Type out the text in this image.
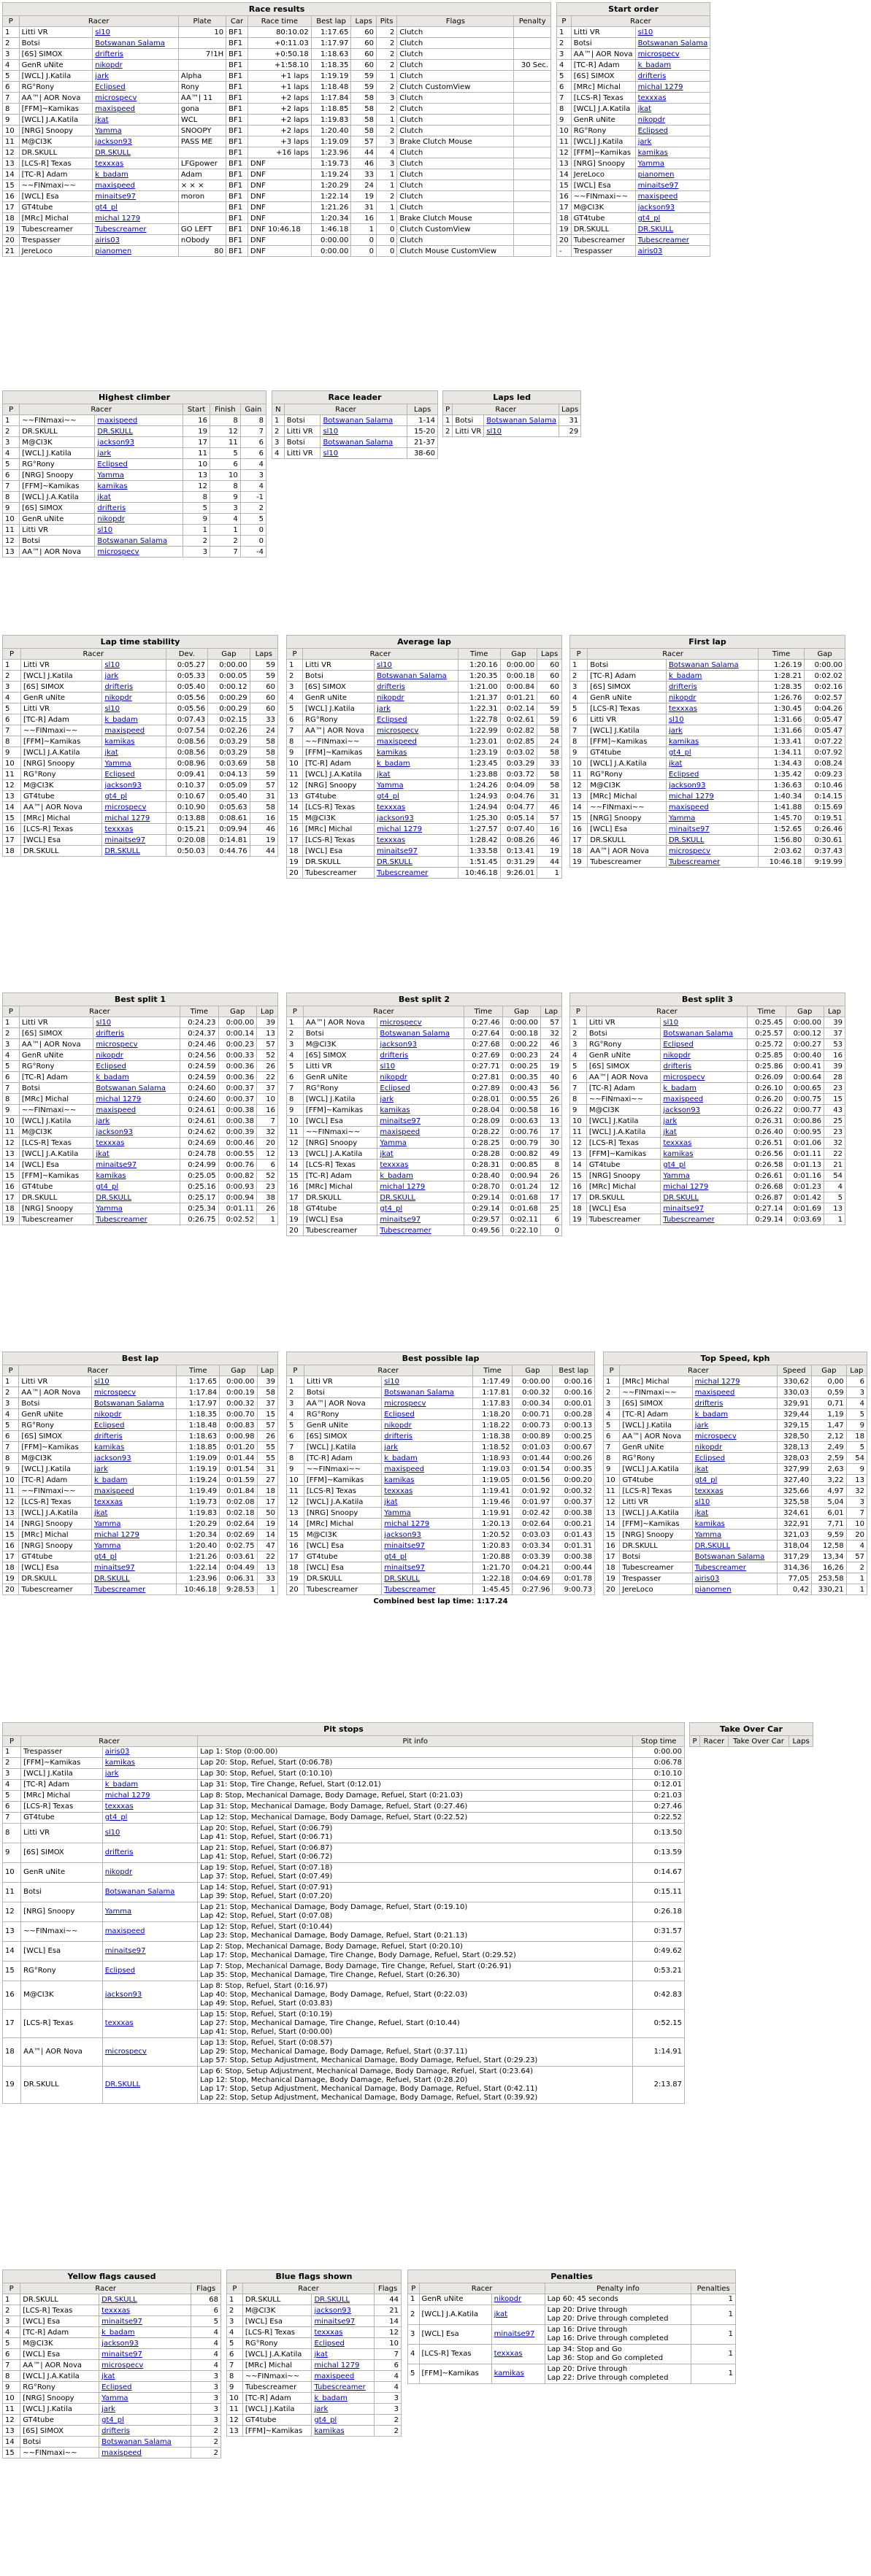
Race results										
P	Racer		Plate	Car	Race time	Best lap	Laps	Pits	Flags	Penalty
1	Litti VR	sl10	10	BF1	80:10.02	1:17.65	60	2	Clutch	
2	Botsi	Botswanan Salama		BF1	+0:11.03	1:17.97	60	2	Clutch	
3	[6S] SIMOX	drifteris	7!1H	BF1	+0:50.18	1:18.63	60	2	Clutch	
4	GenR uNite	nikopdr		BF1	+1:58.10	1:18.35	60	2	Clutch	30 Sec.
5	[WCL] J.Katila	jark	Alpha	BF1	+1 laps	1:19.19	59	1	Clutch	
6	RG°Rony	Eclipsed	Rony	BF1	+1 laps	1:18.48	59	2	Clutch CustomView	
7	AA™| AOR Nova	microspecv	AA™| 11	BF1	+2 laps	1:17.84	58	3	Clutch	
8	[FFM]~Kamikas	maxispeed	gona	BF1	+2 laps	1:18.85	58	2	Clutch	
9	[WCL] J.A.Katila	jkat	WCL	BF1	+2 laps	1:19.83	58	1	Clutch	
10	[NRG] Snoopy	Yamma	SNOOPY	BF1	+2 laps	1:20.40	58	2	Clutch	
11	M@CI3K	jackson93	PASS ME	BF1	+3 laps	1:19.09	57	3	Brake Clutch Mouse	
12	DR.SKULL	DR.SKULL		BF1	+16 laps	1:23.96	44	4	Clutch	
13	[LCS-R] Texas	texxxas	LFGpower	BF1	DNF	1:19.73	46	3	Clutch	
14	[TC-R] Adam	k_badam	Adam	BF1	DNF	1:19.24	33	1	Clutch	
15	~~FINmaxi~~	maxispeed	× × ×	BF1	DNF	1:20.29	24	1	Clutch	
16	[WCL] Esa	minaitse97	moron	BF1	DNF	1:22.14	19	2	Clutch	
17	GT4tube	gt4_pl		BF1	DNF	1:21.26	31	1	Clutch	
18	[MRc] Michal	michal 1279		BF1	DNF	1:20.34	16	1	Brake Clutch Mouse	
19	Tubescreamer	Tubescreamer	GO LEFT	BF1	DNF 10:46.18	1:46.18	1	0	Clutch CustomView	
20	Trespasser	airis03	nObody	BF1	DNF	0:00.00	0	0	Clutch	
21	JereLoco	pianomen	80	BF1	DNF	0:00.00	0	0	Clutch Mouse CustomView	
Start order		
P	Racer	
1	Litti VR	sl10
2	Botsi	Botswanan Salama
3	AA™| AOR Nova	microspecv
4	[TC-R] Adam	k_badam
5	[6S] SIMOX	drifteris
6	[MRc] Michal	michal 1279
7	[LCS-R] Texas	texxxas
8	[WCL] J.A.Katila	jkat
9	GenR uNite	nikopdr
10	RG°Rony	Eclipsed
11	[WCL] J.Katila	jark
12	[FFM]~Kamikas	kamikas
13	[NRG] Snoopy	Yamma
14	JereLoco	pianomen
15	[WCL] Esa	minaitse97
16	~~FINmaxi~~	maxispeed
17	M@CI3K	jackson93
18	GT4tube	gt4_pl
19	DR.SKULL	DR.SKULL
20	Tubescreamer	Tubescreamer
-	Trespasser	airis03
Highest climber					
P	Racer		Start	Finish	Gain
1	~~FINmaxi~~	maxispeed	16	8	8
2	DR.SKULL	DR.SKULL	19	12	7
3	M@CI3K	jackson93	17	11	6
4	[WCL] J.Katila	jark	11	5	6
5	RG°Rony	Eclipsed	10	6	4
6	[NRG] Snoopy	Yamma	13	10	3
7	[FFM]~Kamikas	kamikas	12	8	4
8	[WCL] J.A.Katila	jkat	8	9	-1
9	[6S] SIMOX	drifteris	5	3	2
10	GenR uNite	nikopdr	9	4	5
11	Litti VR	sl10	1	1	0
12	Botsi	Botswanan Salama	2	2	0
13	AA™| AOR Nova	microspecv	3	7	-4
Race leader			
N	Racer		Laps
1	Botsi	Botswanan Salama	1-14
2	Litti VR	sl10	15-20
3	Botsi	Botswanan Salama	21-37
4	Litti VR	sl10	38-60
Laps led			
P	Racer		Laps
1	Botsi	Botswanan Salama	31
2	Litti VR	sl10	29
Lap time stability					
P	Racer		Dev.	Gap	Laps
1	Litti VR	sl10	0:05.27	0:00.00	59
2	[WCL] J.Katila	jark	0:05.33	0:00.05	59
3	[6S] SIMOX	drifteris	0:05.40	0:00.12	60
4	GenR uNite	nikopdr	0:05.56	0:00.29	60
5	Litti VR	sl10	0:05.56	0:00.29	60
6	[TC-R] Adam	k_badam	0:07.43	0:02.15	33
7	~~FINmaxi~~	maxispeed	0:07.54	0:02.26	24
8	[FFM]~Kamikas	kamikas	0:08.56	0:03.29	58
9	[WCL] J.A.Katila	jkat	0:08.56	0:03.29	58
10	[NRG] Snoopy	Yamma	0:08.96	0:03.69	58
11	RG°Rony	Eclipsed	0:09.41	0:04.13	59
12	M@CI3K	jackson93	0:10.37	0:05.09	57
13	GT4tube	gt4_pl	0:10.67	0:05.40	31
14	AA™| AOR Nova	microspecv	0:10.90	0:05.63	58
15	[MRc] Michal	michal 1279	0:13.88	0:08.61	16
16	[LCS-R] Texas	texxxas	0:15.21	0:09.94	46
17	[WCL] Esa	minaitse97	0:20.08	0:14.81	19
18	DR.SKULL	DR.SKULL	0:50.03	0:44.76	44
Average lap					
P	Racer		Time	Gap	Laps
1	Litti VR	sl10	1:20.16	0:00.00	60
2	Botsi	Botswanan Salama	1:20.35	0:00.18	60
3	[6S] SIMOX	drifteris	1:21.00	0:00.84	60
4	GenR uNite	nikopdr	1:21.37	0:01.21	60
5	[WCL] J.Katila	jark	1:22.31	0:02.14	59
6	RG°Rony	Eclipsed	1:22.78	0:02.61	59
7	AA™| AOR Nova	microspecv	1:22.99	0:02.82	58
8	~~FINmaxi~~	maxispeed	1:23.01	0:02.85	24
9	[FFM]~Kamikas	kamikas	1:23.19	0:03.02	58
10	[TC-R] Adam	k_badam	1:23.45	0:03.29	33
11	[WCL] J.A.Katila	jkat	1:23.88	0:03.72	58
12	[NRG] Snoopy	Yamma	1:24.26	0:04.09	58
13	GT4tube	gt4_pl	1:24.93	0:04.76	31
14	[LCS-R] Texas	texxxas	1:24.94	0:04.77	46
15	M@CI3K	jackson93	1:25.30	0:05.14	57
16	[MRc] Michal	michal 1279	1:27.57	0:07.40	16
17	[LCS-R] Texas	texxxas	1:28.42	0:08.26	46
18	[WCL] Esa	minaitse97	1:33.58	0:13.41	19
19	DR.SKULL	DR.SKULL	1:51.45	0:31.29	44
20	Tubescreamer	Tubescreamer	10:46.18	9:26.01	1
First lap				
P	Racer		Time	Gap
1	Botsi	Botswanan Salama	1:26.19	0:00.00
2	[TC-R] Adam	k_badam	1:28.21	0:02.02
3	[6S] SIMOX	drifteris	1:28.35	0:02.16
4	GenR uNite	nikopdr	1:26.76	0:02.57
5	[LCS-R] Texas	texxxas	1:30.45	0:04.26
6	Litti VR	sl10	1:31.66	0:05.47
7	[WCL] J.Katila	jark	1:31.66	0:05.47
8	[FFM]~Kamikas	kamikas	1:33.41	0:07.22
9	GT4tube	gt4_pl	1:34.11	0:07.92
10	[WCL] J.A.Katila	jkat	1:34.43	0:08.24
11	RG°Rony	Eclipsed	1:35.42	0:09.23
12	M@CI3K	jackson93	1:36.63	0:10.46
13	[MRc] Michal	michal 1279	1:40.34	0:14.15
14	~~FINmaxi~~	maxispeed	1:41.88	0:15.69
15	[NRG] Snoopy	Yamma	1:45.70	0:19.51
16	[WCL] Esa	minaitse97	1:52.65	0:26.46
17	DR.SKULL	DR.SKULL	1:56.80	0:30.61
18	AA™| AOR Nova	microspecv	2:03.62	0:37.43
19	Tubescreamer	Tubescreamer	10:46.18	9:19.99
Best split 1					
P	Racer		Time	Gap	Lap
1	Litti VR	sl10	0:24.23	0:00.00	39
2	[6S] SIMOX	drifteris	0:24.37	0:00.14	13
3	AA™| AOR Nova	microspecv	0:24.46	0:00.23	57
4	GenR uNite	nikopdr	0:24.56	0:00.33	52
5	RG°Rony	Eclipsed	0:24.59	0:00.36	26
6	[TC-R] Adam	k_badam	0:24.59	0:00.36	22
7	Botsi	Botswanan Salama	0:24.60	0:00.37	37
8	[MRc] Michal	michal 1279	0:24.60	0:00.37	10
9	~~FINmaxi~~	maxispeed	0:24.61	0:00.38	16
10	[WCL] J.Katila	jark	0:24.61	0:00.38	7
11	M@CI3K	jackson93	0:24.62	0:00.39	32
12	[LCS-R] Texas	texxxas	0:24.69	0:00.46	20
13	[WCL] J.A.Katila	jkat	0:24.78	0:00.55	12
14	[WCL] Esa	minaitse97	0:24.99	0:00.76	6
15	[FFM]~Kamikas	kamikas	0:25.05	0:00.82	52
16	GT4tube	gt4_pl	0:25.16	0:00.93	23
17	DR.SKULL	DR.SKULL	0:25.17	0:00.94	38
18	[NRG] Snoopy	Yamma	0:25.34	0:01.11	26
19	Tubescreamer	Tubescreamer	0:26.75	0:02.52	1
Best split 2					
P	Racer		Time	Gap	Lap
1	AA™| AOR Nova	microspecv	0:27.46	0:00.00	57
2	Botsi	Botswanan Salama	0:27.64	0:00.18	32
3	M@CI3K	jackson93	0:27.68	0:00.22	46
4	[6S] SIMOX	drifteris	0:27.69	0:00.23	24
5	Litti VR	sl10	0:27.71	0:00.25	19
6	GenR uNite	nikopdr	0:27.81	0:00.35	40
7	RG°Rony	Eclipsed	0:27.89	0:00.43	56
8	[WCL] J.Katila	jark	0:28.01	0:00.55	26
9	[FFM]~Kamikas	kamikas	0:28.04	0:00.58	16
10	[WCL] Esa	minaitse97	0:28.09	0:00.63	13
11	~~FINmaxi~~	maxispeed	0:28.22	0:00.76	17
12	[NRG] Snoopy	Yamma	0:28.25	0:00.79	30
13	[WCL] J.A.Katila	jkat	0:28.28	0:00.82	49
14	[LCS-R] Texas	texxxas	0:28.31	0:00.85	8
15	[TC-R] Adam	k_badam	0:28.40	0:00.94	26
16	[MRc] Michal	michal 1279	0:28.70	0:01.24	12
17	DR.SKULL	DR.SKULL	0:29.14	0:01.68	17
18	GT4tube	gt4_pl	0:29.14	0:01.68	25
19	[WCL] Esa	minaitse97	0:29.57	0:02.11	6
20	Tubescreamer	Tubescreamer	0:49.56	0:22.10	0
Best split 3					
P	Racer		Time	Gap	Lap
1	Litti VR	sl10	0:25.45	0:00.00	39
2	Botsi	Botswanan Salama	0:25.57	0:00.12	37
3	RG°Rony	Eclipsed	0:25.72	0:00.27	53
4	GenR uNite	nikopdr	0:25.85	0:00.40	16
5	[6S] SIMOX	drifteris	0:25.86	0:00.41	39
6	AA™| AOR Nova	microspecv	0:26.09	0:00.64	28
7	[TC-R] Adam	k_badam	0:26.10	0:00.65	23
8	~~FINmaxi~~	maxispeed	0:26.20	0:00.75	15
9	M@CI3K	jackson93	0:26.22	0:00.77	43
10	[WCL] J.Katila	jark	0:26.31	0:00.86	25
11	[WCL] J.A.Katila	jkat	0:26.40	0:00.95	23
12	[LCS-R] Texas	texxxas	0:26.51	0:01.06	32
13	[FFM]~Kamikas	kamikas	0:26.56	0:01.11	22
14	GT4tube	gt4_pl	0:26.58	0:01.13	21
15	[NRG] Snoopy	Yamma	0:26.61	0:01.16	54
16	[MRc] Michal	michal 1279	0:26.68	0:01.23	4
17	DR.SKULL	DR.SKULL	0:26.87	0:01.42	5
18	[WCL] Esa	minaitse97	0:27.14	0:01.69	13
19	Tubescreamer	Tubescreamer	0:29.14	0:03.69	1
Best lap					
P	Racer		Time	Gap	Lap
1	Litti VR	sl10	1:17.65	0:00.00	39
2	AA™| AOR Nova	microspecv	1:17.84	0:00.19	58
3	Botsi	Botswanan Salama	1:17.97	0:00.32	37
4	GenR uNite	nikopdr	1:18.35	0:00.70	15
5	RG°Rony	Eclipsed	1:18.48	0:00.83	57
6	[6S] SIMOX	drifteris	1:18.63	0:00.98	26
7	[FFM]~Kamikas	kamikas	1:18.85	0:01.20	55
8	M@CI3K	jackson93	1:19.09	0:01.44	55
9	[WCL] J.Katila	jark	1:19.19	0:01.54	31
10	[TC-R] Adam	k_badam	1:19.24	0:01.59	27
11	~~FINmaxi~~	maxispeed	1:19.49	0:01.84	18
12	[LCS-R] Texas	texxxas	1:19.73	0:02.08	17
13	[WCL] J.A.Katila	jkat	1:19.83	0:02.18	50
14	[NRG] Snoopy	Yamma	1:20.29	0:02.64	19
15	[MRc] Michal	michal 1279	1:20.34	0:02.69	14
16	[NRG] Snoopy	Yamma	1:20.40	0:02.75	47
17	GT4tube	gt4_pl	1:21.26	0:03.61	22
18	[WCL] Esa	minaitse97	1:22.14	0:04.49	13
19	DR.SKULL	DR.SKULL	1:23.96	0:06.31	33
20	Tubescreamer	Tubescreamer	10:46.18	9:28.53	1
Best possible lap					
P	Racer		Time	Gap	Best lap
1	Litti VR	sl10	1:17.49	0:00.00	0:00.16
2	Botsi	Botswanan Salama	1:17.81	0:00.32	0:00.16
3	AA™| AOR Nova	microspecv	1:17.83	0:00.34	0:00.01
4	RG°Rony	Eclipsed	1:18.20	0:00.71	0:00.28
5	GenR uNite	nikopdr	1:18.22	0:00.73	0:00.13
6	[6S] SIMOX	drifteris	1:18.38	0:00.89	0:00.25
7	[WCL] J.Katila	jark	1:18.52	0:01.03	0:00.67
8	[TC-R] Adam	k_badam	1:18.93	0:01.44	0:00.26
9	~~FINmaxi~~	maxispeed	1:19.03	0:01.54	0:00.35
10	[FFM]~Kamikas	kamikas	1:19.05	0:01.56	0:00.20
11	[LCS-R] Texas	texxxas	1:19.41	0:01.92	0:00.32
12	[WCL] J.A.Katila	jkat	1:19.46	0:01.97	0:00.37
13	[NRG] Snoopy	Yamma	1:19.91	0:02.42	0:00.38
14	[MRc] Michal	michal 1279	1:20.13	0:02.64	0:00.21
15	M@CI3K	jackson93	1:20.52	0:03.03	0:01.43
16	[WCL] Esa	minaitse97	1:20.83	0:03.34	0:01.31
17	GT4tube	gt4_pl	1:20.88	0:03.39	0:00.38
18	[WCL] Esa	minaitse97	1:21.70	0:04.21	0:00.44
19	DR.SKULL	DR.SKULL	1:22.18	0:04.69	0:01.78
20	Tubescreamer	Tubescreamer	1:45.45	0:27.96	9:00.73
Combined best lap time: 1:17.24
Top Speed, kph					
P	Racer		Speed	Gap	Lap
1	[MRc] Michal	michal 1279	330,62	0,00	6
2	~~FINmaxi~~	maxispeed	330,03	0,59	3
3	[6S] SIMOX	drifteris	329,91	0,71	4
4	[TC-R] Adam	k_badam	329,44	1,19	5
5	[WCL] J.Katila	jark	329,15	1,47	9
6	AA™| AOR Nova	microspecv	328,50	2,12	18
7	GenR uNite	nikopdr	328,13	2,49	5
8	RG°Rony	Eclipsed	328,03	2,59	54
9	[WCL] J.A.Katila	jkat	327,99	2,63	9
10	GT4tube	gt4_pl	327,40	3,22	13
11	[LCS-R] Texas	texxxas	325,66	4,97	32
12	Litti VR	sl10	325,58	5,04	3
13	[WCL] J.A.Katila	jkat	324,61	6,01	7
14	[FFM]~Kamikas	kamikas	322,91	7,71	10
15	[NRG] Snoopy	Yamma	321,03	9,59	20
16	DR.SKULL	DR.SKULL	318,04	12,58	4
17	Botsi	Botswanan Salama	317,29	13,34	57
18	Tubescreamer	Tubescreamer	314,36	16,26	2
19	Trespasser	airis03	77,05	253,58	1
20	JereLoco	pianomen	0,42	330,21	1
Pit stops				
P	Racer		Pit info	Stop time
1	Trespasser	airis03	Lap 1: Stop (0:00.00)	0:00.00
2	[FFM]~Kamikas	kamikas	Lap 20: Stop, Refuel, Start (0:06.78)	0:06.78
3	[WCL] J.Katila	jark	Lap 30: Stop, Refuel, Start (0:10.10)	0:10.10
4	[TC-R] Adam	k_badam	Lap 31: Stop, Tire Change, Refuel, Start (0:12.01)	0:12.01
5	[MRc] Michal	michal 1279	Lap 8: Stop, Mechanical Damage, Body Damage, Refuel, Start (0:21.03)	0:21.03
6	[LCS-R] Texas	texxxas	Lap 31: Stop, Mechanical Damage, Body Damage, Refuel, Start (0:27.46)	0:27.46
7	GT4tube	gt4_pl	Lap 12: Stop, Mechanical Damage, Body Damage, Refuel, Start (0:22.52)	0:22.52
8	Litti VR	sl10	Lap 20: Stop, Refuel, Start (0:06.79)
Lap 41: Stop, Refuel, Start (0:06.71)	0:13.50
9	[6S] SIMOX	drifteris	Lap 21: Stop, Refuel, Start (0:06.87)
Lap 41: Stop, Refuel, Start (0:06.72)	0:13.59
10	GenR uNite	nikopdr	Lap 19: Stop, Refuel, Start (0:07.18)
Lap 37: Stop, Refuel, Start (0:07.49)	0:14.67
11	Botsi	Botswanan Salama	Lap 14: Stop, Refuel, Start (0:07.91)
Lap 39: Stop, Refuel, Start (0:07.20)	0:15.11
12	[NRG] Snoopy	Yamma	Lap 21: Stop, Mechanical Damage, Body Damage, Refuel, Start (0:19.10)
Lap 42: Stop, Refuel, Start (0:07.08)	0:26.18
13	~~FINmaxi~~	maxispeed	Lap 12: Stop, Refuel, Start (0:10.44)
Lap 23: Stop, Mechanical Damage, Body Damage, Refuel, Start (0:21.13)	0:31.57
14	[WCL] Esa	minaitse97	Lap 2: Stop, Mechanical Damage, Body Damage, Refuel, Start (0:20.10)
Lap 17: Stop, Mechanical Damage, Tire Change, Body Damage, Refuel, Start (0:29.52)	0:49.62
15	RG°Rony	Eclipsed	Lap 7: Stop, Mechanical Damage, Body Damage, Tire Change, Refuel, Start (0:26.91)
Lap 35: Stop, Mechanical Damage, Tire Change, Refuel, Start (0:26.30)	0:53.21
16	M@CI3K	jackson93	Lap 8: Stop, Refuel, Start (0:16.97)
Lap 40: Stop, Mechanical Damage, Body Damage, Refuel, Start (0:22.03)
Lap 49: Stop, Refuel, Start (0:03.83)	0:42.83
17	[LCS-R] Texas	texxxas	Lap 15: Stop, Refuel, Start (0:10.19)
Lap 27: Stop, Mechanical Damage, Tire Change, Refuel, Start (0:10.44)
Lap 41: Stop, Refuel, Start (0:00.00)	0:52.15
18	AA™| AOR Nova	microspecv	Lap 13: Stop, Refuel, Start (0:08.57)
Lap 29: Stop, Mechanical Damage, Body Damage, Refuel, Start (0:37.11)
Lap 57: Stop, Setup Adjustment, Mechanical Damage, Body Damage, Refuel, Start (0:29.23)	1:14.91
19	DR.SKULL	DR.SKULL	Lap 6: Stop, Setup Adjustment, Mechanical Damage, Body Damage, Refuel, Start (0:23.64)
Lap 12: Stop, Mechanical Damage, Body Damage, Refuel, Start (0:28.20)
Lap 17: Stop, Setup Adjustment, Mechanical Damage, Body Damage, Refuel, Start (0:42.11)
Lap 22: Stop, Setup Adjustment, Mechanical Damage, Body Damage, Refuel, Start (0:39.92)	2:13.87
Take Over Car
P	Racer	Take Over Car	Laps
Yellow flags caused			
P	Racer		Flags
1	DR.SKULL	DR.SKULL	68
2	[LCS-R] Texas	texxxas	6
3	[WCL] Esa	minaitse97	5
4	[TC-R] Adam	k_badam	4
5	M@CI3K	jackson93	4
6	[WCL] Esa	minaitse97	4
7	AA™| AOR Nova	microspecv	4
8	[WCL] J.A.Katila	jkat	3
9	RG°Rony	Eclipsed	3
10	[NRG] Snoopy	Yamma	3
11	[WCL] J.Katila	jark	3
12	GT4tube	gt4_pl	3
13	[6S] SIMOX	drifteris	2
14	Botsi	Botswanan Salama	2
15	~~FINmaxi~~	maxispeed	2
Blue flags shown			
P	Racer		Flags
1	DR.SKULL	DR.SKULL	44
2	M@CI3K	jackson93	21
3	[WCL] Esa	minaitse97	14
4	[LCS-R] Texas	texxxas	12
5	RG°Rony	Eclipsed	10
6	[WCL] J.A.Katila	jkat	7
7	[MRc] Michal	michal 1279	6
8	~~FINmaxi~~	maxispeed	4
9	Tubescreamer	Tubescreamer	4
10	[TC-R] Adam	k_badam	3
11	[WCL] J.Katila	jark	3
12	GT4tube	gt4_pl	2
13	[FFM]~Kamikas	kamikas	2
Penalties				
P	Racer		Penalty info	Penalties
1	GenR uNite	nikopdr	Lap 60: 45 seconds	1
2	[WCL] J.A.Katila	jkat	Lap 20: Drive through
Lap 20: Drive through completed	1
3	[WCL] Esa	minaitse97	Lap 16: Drive through
Lap 16: Drive through completed	1
4	[LCS-R] Texas	texxxas	Lap 34: Stop and Go
Lap 36: Stop and Go completed	1
5	[FFM]~Kamikas	kamikas	Lap 20: Drive through
Lap 22: Drive through completed	1
